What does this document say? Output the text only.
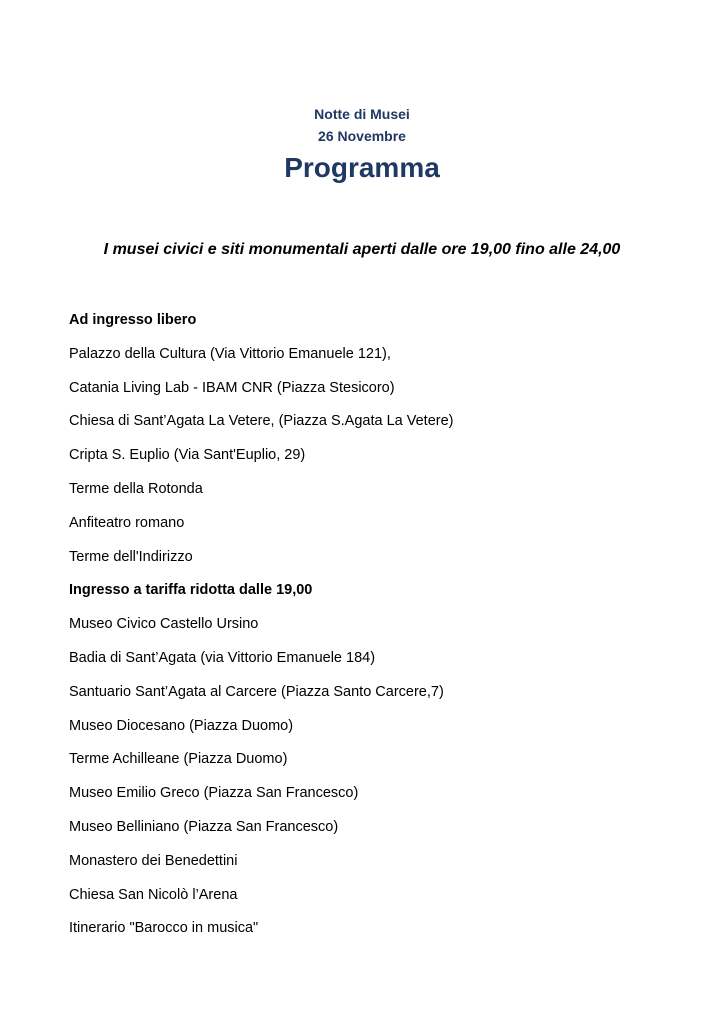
Notte di Musei
26 Novembre
Programma
I musei civici e siti monumentali aperti dalle ore 19,00 fino alle 24,00
Ad ingresso libero
Palazzo della Cultura (Via Vittorio Emanuele 121),
Catania Living Lab - IBAM CNR (Piazza Stesicoro)
Chiesa di Sant’Agata La Vetere, (Piazza S.Agata La Vetere)
Cripta S. Euplio (Via Sant'Euplio, 29)
Terme della Rotonda
Anfiteatro romano
Terme dell'Indirizzo
Ingresso a tariffa ridotta dalle 19,00
Museo Civico Castello Ursino
Badia di Sant’Agata (via Vittorio Emanuele 184)
Santuario Sant’Agata al Carcere (Piazza Santo Carcere,7)
Museo Diocesano (Piazza Duomo)
Terme Achilleane (Piazza Duomo)
Museo Emilio Greco (Piazza San Francesco)
Museo Belliniano (Piazza San Francesco)
Monastero dei Benedettini
Chiesa San Nicolò l’Arena
Itinerario "Barocco in musica"
